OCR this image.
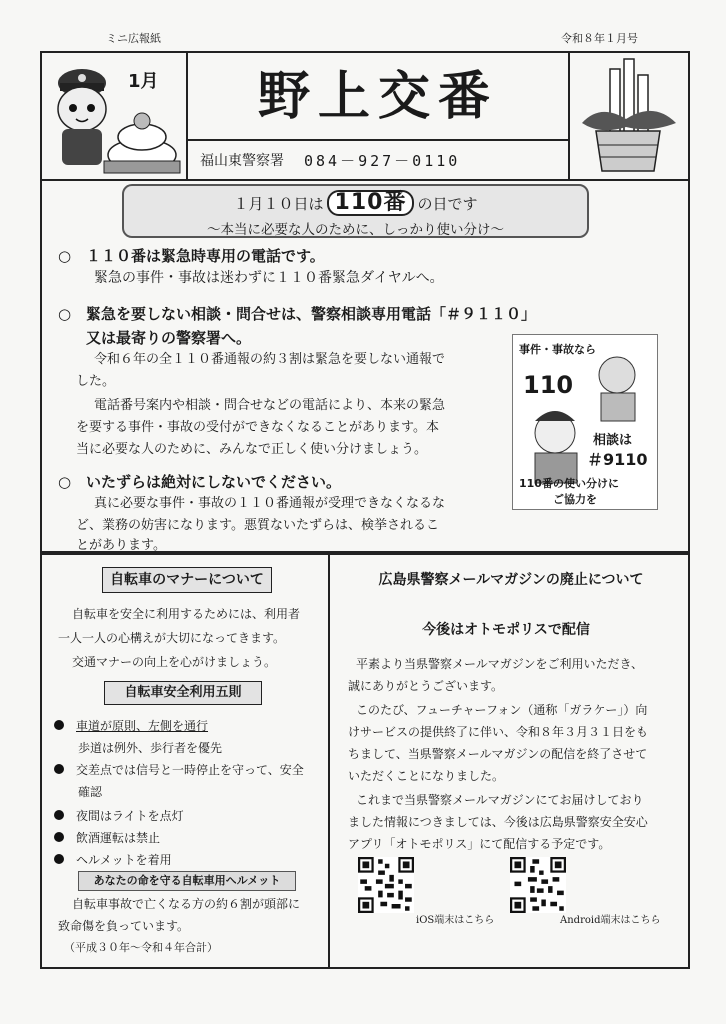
ミニ広報紙	令和８年１月号
1月	野上交番
福山東警察署 084－927－0110
１月１０日は 110番 の日です
～本当に必要な人のために、しっかり使い分け～
○ １１０番は緊急時専用の電話です。
緊急の事件・事故は迷わずに１１０番緊急ダイヤルへ。
○ 緊急を要しない相談・問合せは、警察相談専用電話「＃９１１０」
又は最寄りの警察署へ。
令和６年の全１１０番通報の約３割は緊急を要しない通報で
した。
電話番号案内や相談・問合せなどの電話により、本来の緊急
を要する事件・事故の受付ができなくなることがあります。本
当に必要な人のために、みんなで正しく使い分けましょう。
○ いたずらは絶対にしないでください。
真に必要な事件・事故の１１０番通報が受理できなくなるな
ど、業務の妨害になります。悪質ないたずらは、検挙されるこ
とがあります。
事件・事故なら
110
相談は
＃9110
110番の使い分けに
ご協力を
自転車のマナーについて
自転車を安全に利用するためには、利用者
一人一人の心構えが大切になってきます。
交通マナーの向上を心がけましょう。
自転車安全利用五則
車道が原則、左側を通行
歩道は例外、歩行者を優先
交差点では信号と一時停止を守って、安全
確認
夜間はライトを点灯
飲酒運転は禁止
ヘルメットを着用
あなたの命を守る自転車用ヘルメット
自転車事故で亡くなる方の約６割が頭部に
致命傷を負っています。
（平成３０年～令和４年合計）
広島県警察メールマガジンの廃止について
今後はオトモポリスで配信
平素より当県警察メールマガジンをご利用いただき、
誠にありがとうございます。
このたび、フューチャーフォン（通称「ガラケー」）向
けサービスの提供終了に伴い、令和８年３月３１日をも
ちまして、当県警察メールマガジンの配信を終了させて
いただくことになりました。
これまで当県警察メールマガジンにてお届けしており
ました情報につきましては、今後は広島県警察安全安心
アプリ「オトモポリス」にて配信する予定です。
iOS端末はこちら	Android端末はこちら
